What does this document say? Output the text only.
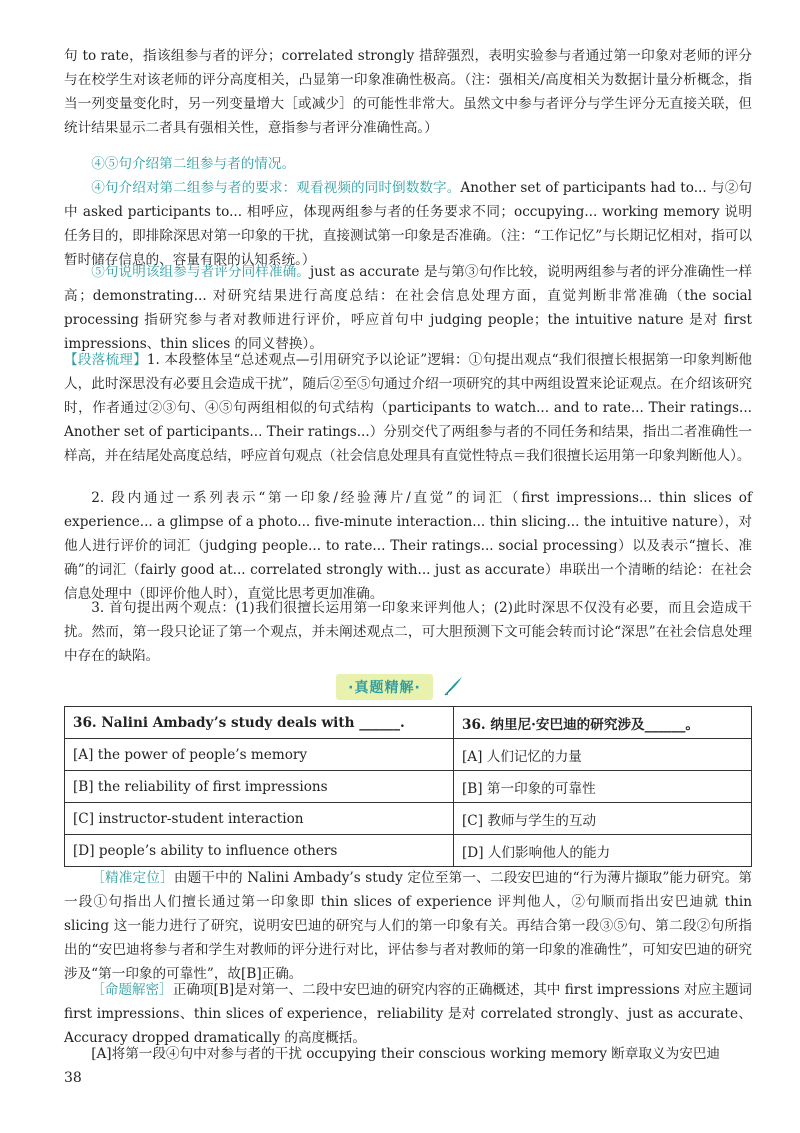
句 to rate，指该组参与者的评分；correlated strongly 措辞强烈，表明实验参与者通过第一印象对老师的评分与在校学生对该老师的评分高度相关，凸显第一印象准确性极高。（注：强相关/高度相关为数据计量分析概念，指当一列变量变化时，另一列变量增大［或减少］的可能性非常大。虽然文中参与者评分与学生评分无直接关联，但统计结果显示二者具有强相关性，意指参与者评分准确性高。）

④⑤句介绍第二组参与者的情况。

④句介绍对第二组参与者的要求：观看视频的同时倒数数字。Another set of participants had to... 与②句中 asked participants to... 相呼应，体现两组参与者的任务要求不同；occupying... working memory 说明任务目的，即排除深思对第一印象的干扰，直接测试第一印象是否准确。（注：“工作记忆”与长期记忆相对，指可以暂时储存信息的、容量有限的认知系统。）

⑤句说明该组参与者评分同样准确。just as accurate 是与第③句作比较，说明两组参与者的评分准确性一样高；demonstrating... 对研究结果进行高度总结：在社会信息处理方面，直觉判断非常准确（the social processing 指研究参与者对教师进行评价，呼应首句中 judging people；the intuitive nature 是对 first impressions、thin slices 的同义替换）。

【段落梳理】1. 本段整体呈“总述观点—引用研究予以论证”逻辑：①句提出观点“我们很擅长根据第一印象判断他人，此时深思没有必要且会造成干扰”，随后②至⑤句通过介绍一项研究的其中两组设置来论证观点。在介绍该研究时，作者通过②③句、④⑤句两组相似的句式结构（participants to watch... and to rate... Their ratings... Another set of participants... Their ratings...）分别交代了两组参与者的不同任务和结果，指出二者准确性一样高，并在结尾处高度总结，呼应首句观点（社会信息处理具有直觉性特点＝我们很擅长运用第一印象判断他人）。

2. 段内通过一系列表示“第一印象/经验薄片/直觉”的词汇（first impressions... thin slices of experience... a glimpse of a photo... five-minute interaction... thin slicing... the intuitive nature），对他人进行评价的词汇（judging people... to rate... Their ratings... social processing）以及表示“擅长、准确”的词汇（fairly good at... correlated strongly with... just as accurate）串联出一个清晰的结论：在社会信息处理中（即评价他人时），直觉比思考更加准确。

3. 首句提出两个观点：(1)我们很擅长运用第一印象来评判他人；(2)此时深思不仅没有必要，而且会造成干扰。然而，第一段只论证了第一个观点，并未阐述观点二，可大胆预测下文可能会转而讨论“深思”在社会信息处理中存在的缺陷。

·真题精解·
36. Nalini Ambady’s study deals with ______.	36. 纳里尼·安巴迪的研究涉及______。
[A] the power of people’s memory	[A] 人们记忆的力量
[B] the reliability of first impressions	[B] 第一印象的可靠性
[C] instructor-student interaction	[C] 教师与学生的互动
[D] people’s ability to influence others	[D] 人们影响他人的能力

［精准定位］由题干中的 Nalini Ambady’s study 定位至第一、二段安巴迪的“行为薄片撷取”能力研究。第一段①句指出人们擅长通过第一印象即 thin slices of experience 评判他人，②句顺而指出安巴迪就 thin slicing 这一能力进行了研究，说明安巴迪的研究与人们的第一印象有关。再结合第一段③⑤句、第二段②句所指出的“安巴迪将参与者和学生对教师的评分进行对比，评估参与者对教师的第一印象的准确性”，可知安巴迪的研究涉及“第一印象的可靠性”，故[B]正确。

［命题解密］正确项[B]是对第一、二段中安巴迪的研究内容的正确概述，其中 first impressions 对应主题词 first impressions、thin slices of experience，reliability 是对 correlated strongly、just as accurate、Accuracy dropped dramatically 的高度概括。

[A]将第一段④句中对参与者的干扰 occupying their conscious working memory 断章取义为安巴迪

38
